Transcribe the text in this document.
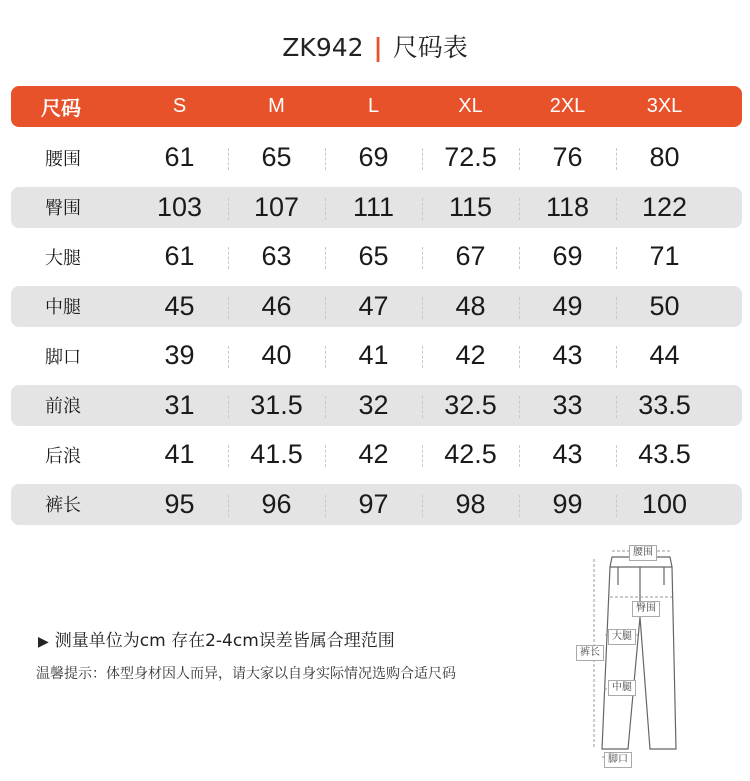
ZK942 | 尺码表
尺码	S	M	L	XL	2XL	3XL
腰围	61	65	69	72.5	76	80
臀围	103	107	111	115	118	122
大腿	61	63	65	67	69	71
中腿	45	46	47	48	49	50
脚口	39	40	41	42	43	44
前浪	31	31.5	32	32.5	33	33.5
后浪	41	41.5	42	42.5	43	43.5
裤长	95	96	97	98	99	100
▶ 测量单位为cm 存在2-4cm误差皆属合理范围
温馨提示：体型身材因人而异，请大家以自身实际情况选购合适尺码
腰围
臀围
大腿
裤长
中腿
脚口
